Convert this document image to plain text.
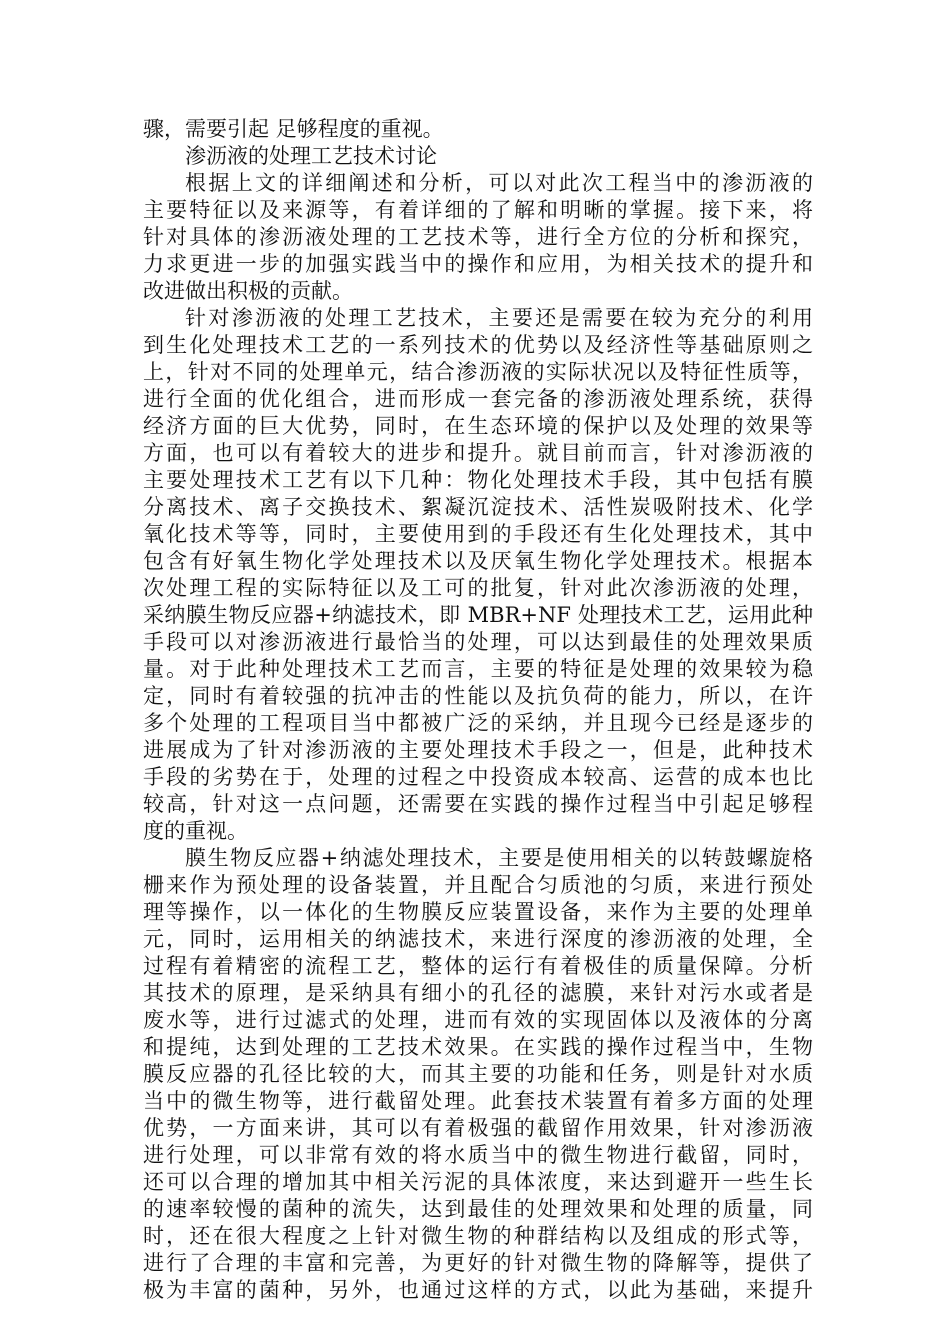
骤，需要引起 足够程度的重视。
渗沥液的处理工艺技术讨论
根据上文的详细阐述和分析，可以对此次工程当中的渗沥液的
主要特征以及来源等，有着详细的了解和明晰的掌握。接下来，将
针对具体的渗沥液处理的工艺技术等，进行全方位的分析和探究，
力求更进一步的加强实践当中的操作和应用，为相关技术的提升和
改进做出积极的贡献。
针对渗沥液的处理工艺技术，主要还是需要在较为充分的利用
到生化处理技术工艺的一系列技术的优势以及经济性等基础原则之
上，针对不同的处理单元，结合渗沥液的实际状况以及特征性质等，
进行全面的优化组合，进而形成一套完备的渗沥液处理系统，获得
经济方面的巨大优势，同时，在生态环境的保护以及处理的效果等
方面，也可以有着较大的进步和提升。就目前而言，针对渗沥液的
主要处理技术工艺有以下几种：物化处理技术手段，其中包括有膜
分离技术、离子交换技术、絮凝沉淀技术、活性炭吸附技术、化学
氧化技术等等，同时，主要使用到的手段还有生化处理技术，其中
包含有好氧生物化学处理技术以及厌氧生物化学处理技术。根据本
次处理工程的实际特征以及工可的批复，针对此次渗沥液的处理，
采纳膜生物反应器+纳滤技术，即 MBR+NF 处理技术工艺，运用此种
手段可以对渗沥液进行最恰当的处理，可以达到最佳的处理效果质
量。对于此种处理技术工艺而言，主要的特征是处理的效果较为稳
定，同时有着较强的抗冲击的性能以及抗负荷的能力，所以，在许
多个处理的工程项目当中都被广泛的采纳，并且现今已经是逐步的
进展成为了针对渗沥液的主要处理技术手段之一，但是，此种技术
手段的劣势在于，处理的过程之中投资成本较高、运营的成本也比
较高，针对这一点问题，还需要在实践的操作过程当中引起足够程
度的重视。
膜生物反应器+纳滤处理技术，主要是使用相关的以转鼓螺旋格
栅来作为预处理的设备装置，并且配合匀质池的匀质，来进行预处
理等操作，以一体化的生物膜反应装置设备，来作为主要的处理单
元，同时，运用相关的纳滤技术，来进行深度的渗沥液的处理，全
过程有着精密的流程工艺，整体的运行有着极佳的质量保障。分析
其技术的原理，是采纳具有细小的孔径的滤膜，来针对污水或者是
废水等，进行过滤式的处理，进而有效的实现固体以及液体的分离
和提纯，达到处理的工艺技术效果。在实践的操作过程当中，生物
膜反应器的孔径比较的大，而其主要的功能和任务，则是针对水质
当中的微生物等，进行截留处理。此套技术装置有着多方面的处理
优势，一方面来讲，其可以有着极强的截留作用效果，针对渗沥液
进行处理，可以非常有效的将水质当中的微生物进行截留，同时，
还可以合理的增加其中相关污泥的具体浓度，来达到避开一些生长
的速率较慢的菌种的流失，达到最佳的处理效果和处理的质量，同
时，还在很大程度之上针对微生物的种群结构以及组成的形式等，
进行了合理的丰富和完善，为更好的针对微生物的降解等，提供了
极为丰富的菌种，另外，也通过这样的方式，以此为基础，来提升
